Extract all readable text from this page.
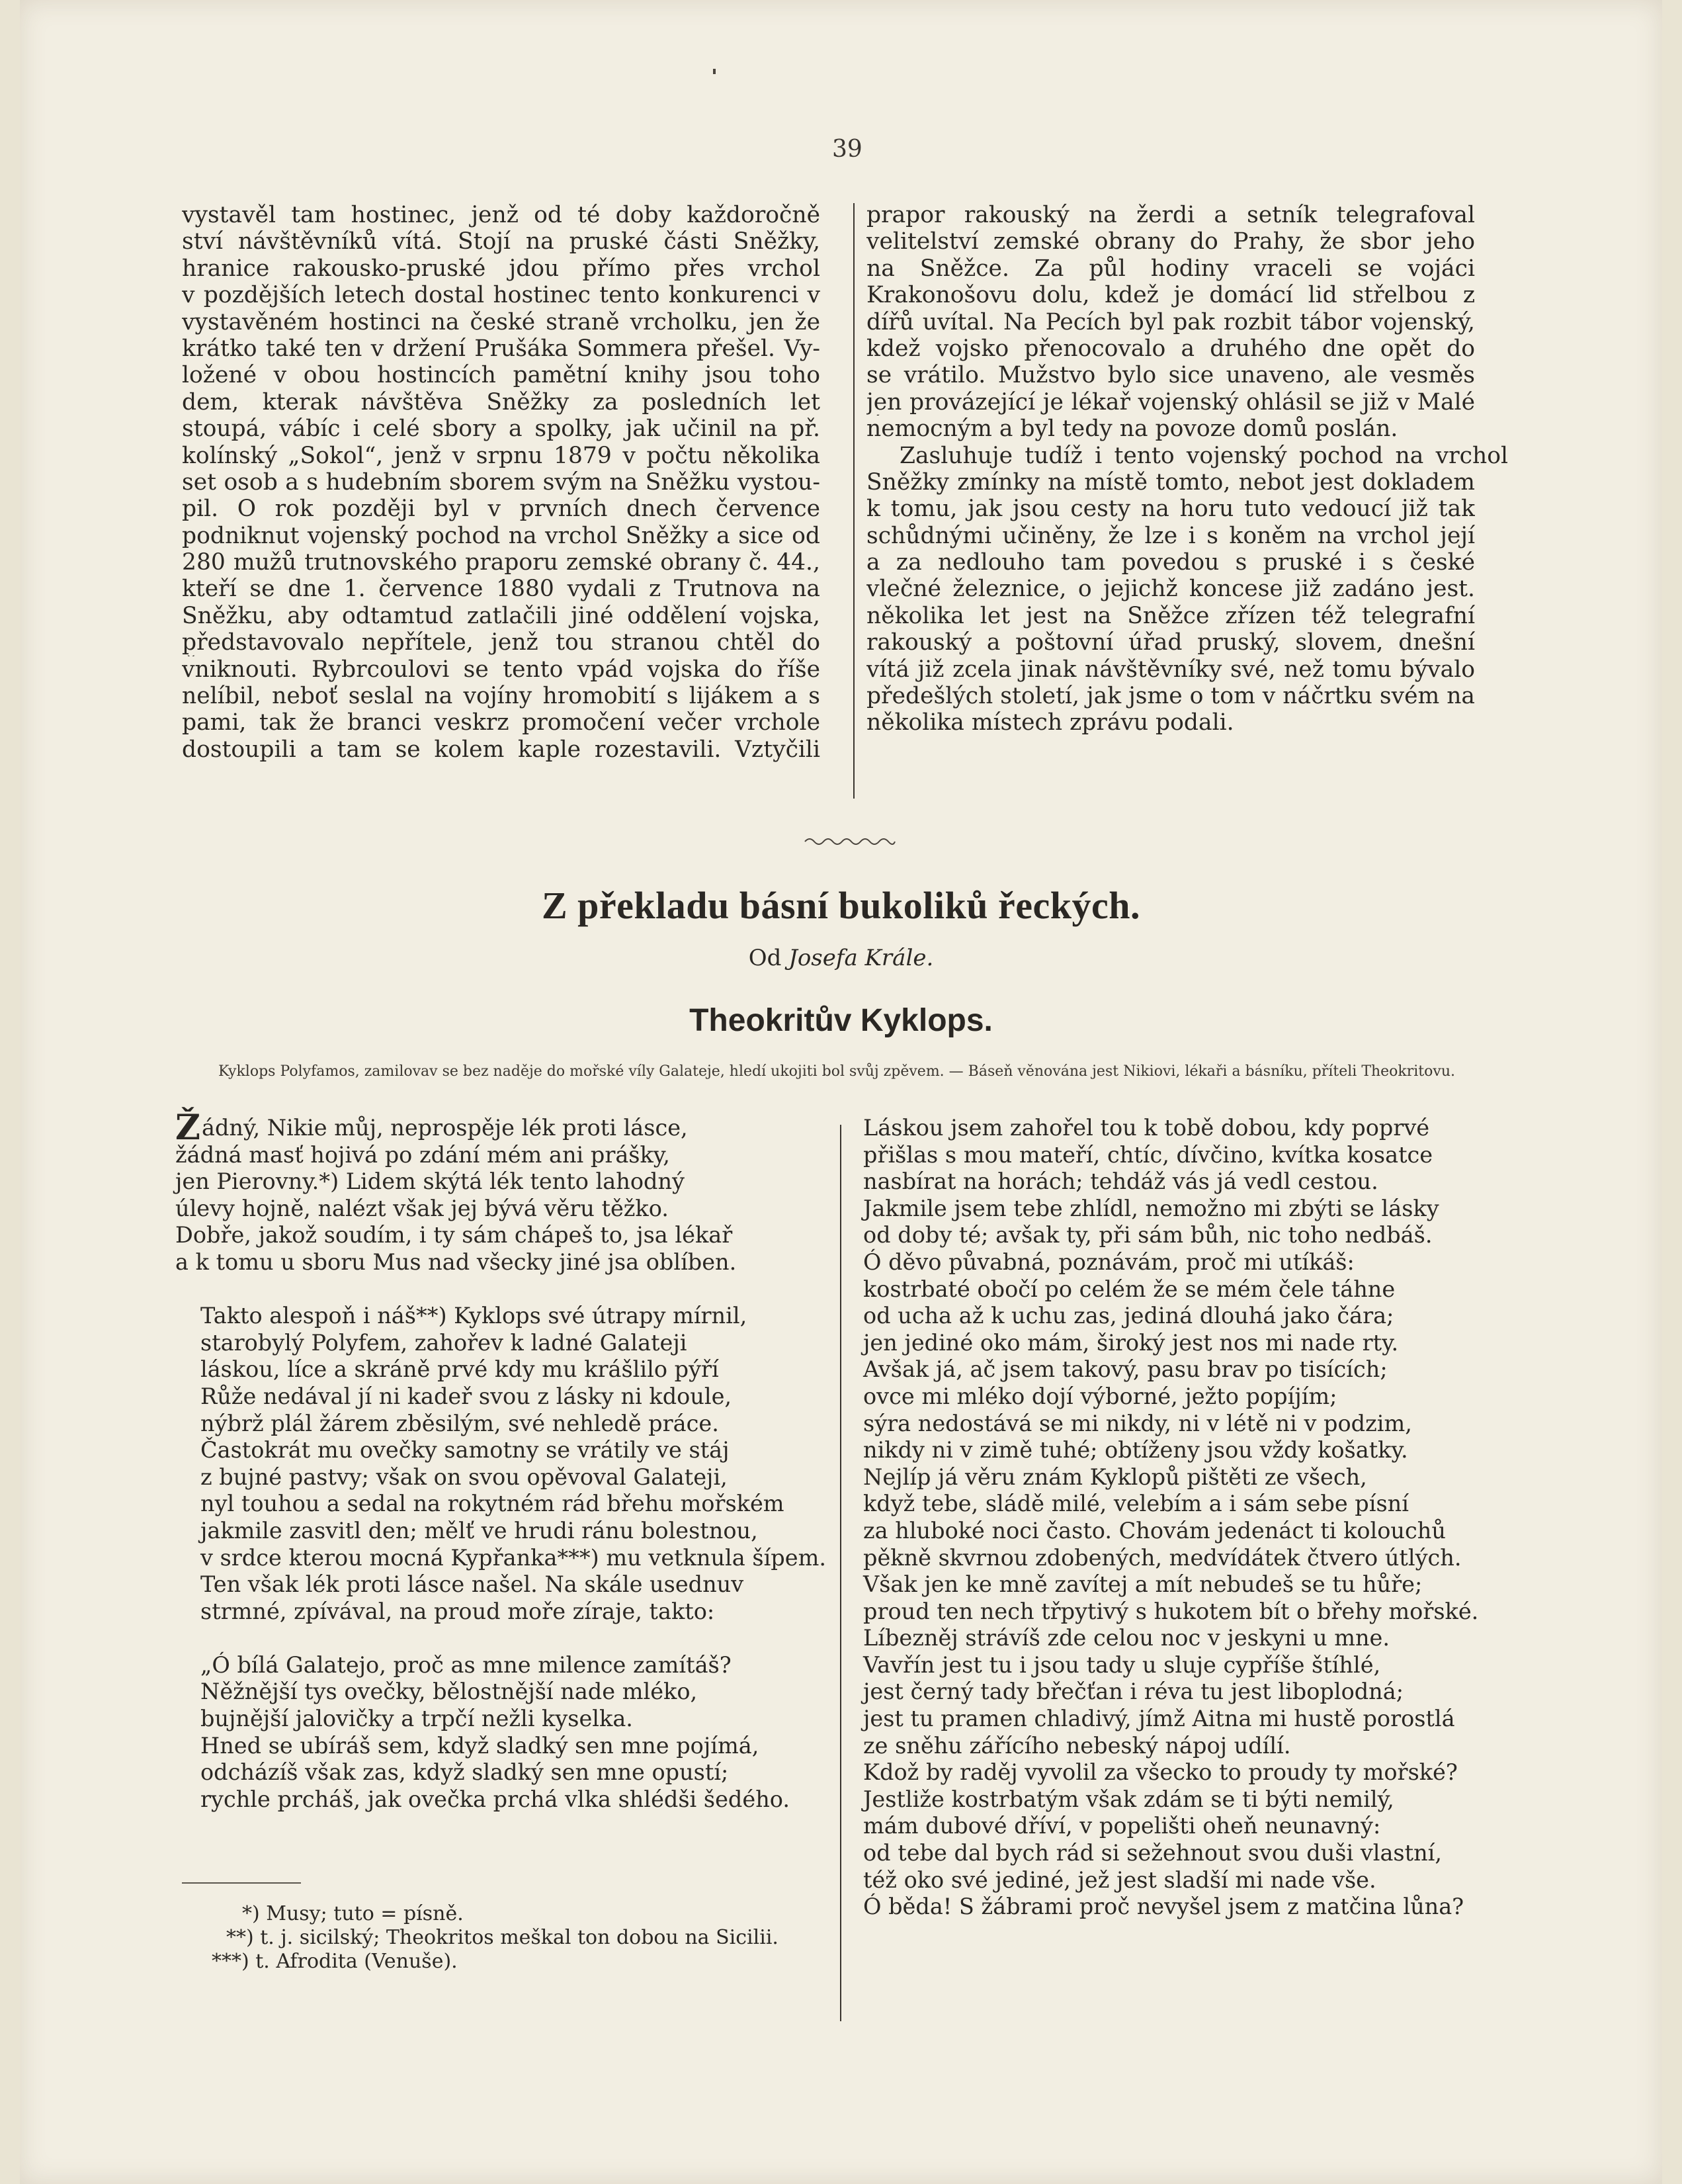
39
vystavěl tam hostinec, jenž od té doby každoročně
ství návštěvníků vítá. Stojí na pruské části Sněžky,
hranice rakousko-pruské jdou přímo přes vrchol
v pozdějších letech dostal hostinec tento konkurenci v
vystavěném hostinci na české straně vrcholku, jen že
krátko také ten v držení Prušáka Sommera přešel. Vy-
ložené v obou hostincích pamětní knihy jsou toho
dem, kterak návštěva Sněžky za posledních let
stoupá, vábíc i celé sbory a spolky, jak učinil na př.
kolínský „Sokol“, jenž v srpnu 1879 v počtu několika
set osob a s hudebním sborem svým na Sněžku vystou-
pil. O rok později byl v prvních dnech července
podniknut vojenský pochod na vrchol Sněžky a sice od
280 mužů trutnovského praporu zemské obrany č. 44.,
kteří se dne 1. července 1880 vydali z Trutnova na
Sněžku, aby odtamtud zatlačili jiné oddělení vojska,
představovalo nepřítele, jenž tou stranou chtěl do
vniknouti. Rybrcoulovi se tento vpád vojska do říše
nelíbil, neboť seslal na vojíny hromobití s lijákem a s
pami, tak že branci veskrz promočení večer vrchole
dostoupili a tam se kolem kaple rozestavili. Vztyčili
prapor rakouský na žerdi a setník telegrafoval
velitelství zemské obrany do Prahy, že sbor jeho
na Sněžce. Za půl hodiny vraceli se vojáci
Krakonošovu dolu, kdež je domácí lid střelbou z
dířů uvítal. Na Pecích byl pak rozbit tábor vojenský,
kdež vojsko přenocovalo a druhého dne opět do
se vrátilo. Mužstvo bylo sice unaveno, ale vesměs
jen provázející je lékař vojenský ohlásil se již v Malé
nemocným a byl tedy na povoze domů poslán.
Zasluhuje tudíž i tento vojenský pochod na vrchol
Sněžky zmínky na místě tomto, nebot jest dokladem
k tomu, jak jsou cesty na horu tuto vedoucí již tak
schůdnými učiněny, že lze i s koněm na vrchol její
a za nedlouho tam povedou s pruské i s české
vlečné železnice, o jejichž koncese již zadáno jest.
několika let jest na Sněžce zřízen též telegrafní
rakouský a poštovní úřad pruský, slovem, dnešní
vítá již zcela jinak návštěvníky své, než tomu bývalo
předešlých století, jak jsme o tom v náčrtku svém na
několika místech zprávu podali.
Z překladu básní bukoliků řeckých.
Od Josefa Krále.
Theokritův Kyklops.
Kyklops Polyfamos, zamilovav se bez naděje do mořské víly Galateje, hledí ukojiti bol svůj zpěvem. — Báseň věnována jest Nikiovi, lékaři a básníku, příteli Theokritovu.
Žádný, Nikie můj, neprospěje lék proti lásce,
žádná masť hojivá po zdání mém ani prášky,
jen Pierovny.*) Lidem skýtá lék tento lahodný
úlevy hojně, nalézt však jej bývá věru těžko.
Dobře, jakož soudím, i ty sám chápeš to, jsa lékař
a k tomu u sboru Mus nad všecky jiné jsa oblíben.
Takto alespoň i náš**) Kyklops své útrapy mírnil,
starobylý Polyfem, zahořev k ladné Galateji
láskou, líce a skráně prvé kdy mu krášlilo pýří
Růže nedával jí ni kadeř svou z lásky ni kdoule,
nýbrž plál žárem zběsilým, své nehledě práce.
Častokrát mu ovečky samotny se vrátily ve stáj
z bujné pastvy; však on svou opěvoval Galateji,
nyl touhou a sedal na rokytném rád břehu mořském
jakmile zasvitl den; mělť ve hrudi ránu bolestnou,
v srdce kterou mocná Kypřanka***) mu vetknula šípem.
Ten však lék proti lásce našel. Na skále usednuv
strmné, zpívával, na proud moře zíraje, takto:
„Ó bílá Galatejo, proč as mne milence zamítáš?
Něžnější tys ovečky, bělostnější nade mléko,
bujnější jalovičky a trpčí nežli kyselka.
Hned se ubíráš sem, když sladký sen mne pojímá,
odcházíš však zas, když sladký sen mne opustí;
rychle prcháš, jak ovečka prchá vlka shlédši šedého.
Láskou jsem zahořel tou k tobě dobou, kdy poprvé
přišlas s mou mateří, chtíc, dívčino, kvítka kosatce
nasbírat na horách; tehdáž vás já vedl cestou.
Jakmile jsem tebe zhlídl, nemožno mi zbýti se lásky
od doby té; avšak ty, při sám bůh, nic toho nedbáš.
Ó děvo půvabná, poznávám, proč mi utíkáš:
kostrbaté obočí po celém že se mém čele táhne
od ucha až k uchu zas, jediná dlouhá jako čára;
jen jediné oko mám, široký jest nos mi nade rty.
Avšak já, ač jsem takový, pasu brav po tisících;
ovce mi mléko dojí výborné, ježto popíjím;
sýra nedostává se mi nikdy, ni v létě ni v podzim,
nikdy ni v zimě tuhé; obtíženy jsou vždy košatky.
Nejlíp já věru znám Kyklopů pištěti ze všech,
když tebe, sládě milé, velebím a i sám sebe písní
za hluboké noci často. Chovám jedenáct ti kolouchů
pěkně skvrnou zdobených, medvídátek čtvero útlých.
Však jen ke mně zavítej a mít nebudeš se tu hůře;
proud ten nech třpytivý s hukotem bít o břehy mořské.
Líbezněj strávíš zde celou noc v jeskyni u mne.
Vavřín jest tu i jsou tady u sluje cypříše štíhlé,
jest černý tady břečťan i réva tu jest liboplodná;
jest tu pramen chladivý, jímž Aitna mi hustě porostlá
ze sněhu zářícího nebeský nápoj udílí.
Kdož by raděj vyvolil za všecko to proudy ty mořské?
Jestliže kostrbatým však zdám se ti býti nemilý,
mám dubové dříví, v popelišti oheň neunavný:
od tebe dal bych rád si sežehnout svou duši vlastní,
též oko své jediné, jež jest sladší mi nade vše.
Ó běda! S žábrami proč nevyšel jsem z matčina lůna?
*) Musy; tuto = písně.
**) t. j. sicilský; Theokritos meškal ton dobou na Sicilii.
***) t. Afrodita (Venuše).
